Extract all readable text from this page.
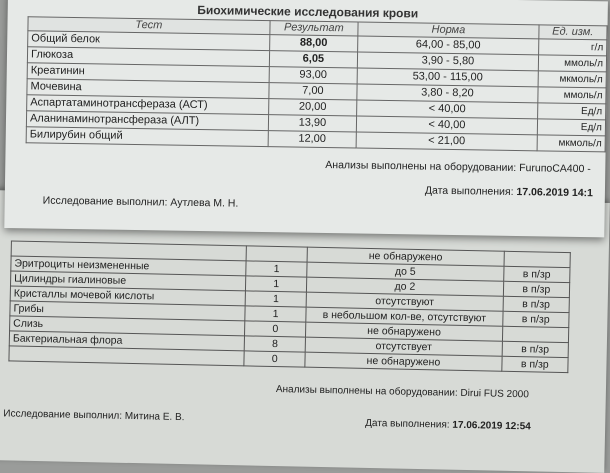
		не обнаружено	
Эритроциты неизмененные	1	до 5	в п/зр
Цилиндры гиалиновые	1	до 2	в п/зр
Кристаллы мочевой кислоты	1	отсутствуют	в п/зр
Грибы	1	в небольшом кол-ве, отсутствуют	в п/зр
Слизь	0	не обнаружено	
Бактериальная флора	8	отсутствует	в п/зр
	0	не обнаружено	в п/зр
Анализы выполнены на оборудовании: Dirui FUS 2000
Исследование выполнил: Митина Е. В.
Дата выполнения: 17.06.2019 12:54
Биохимические исследования крови
Тест	Результат	Норма	Ед. изм.
Общий белок	88,00	64,00 - 85,00	г/л
Глюкоза	6,05	3,90 - 5,80	ммоль/л
Креатинин	93,00	53,00 - 115,00	мкмоль/л
Мочевина	7,00	3,80 - 8,20	ммоль/л
Аспартатаминотрансфераза (АСТ)	20,00	< 40,00	Ед/л
Аланинаминотрансфераза (АЛТ)	13,90	< 40,00	Ед/л
Билирубин общий	12,00	< 21,00	мкмоль/л
Анализы выполнены на оборудовании: FuruпоCA400 -
Дата выполнения: 17.06.2019 14:1
Исследование выполнил: Аутлева М. Н.
